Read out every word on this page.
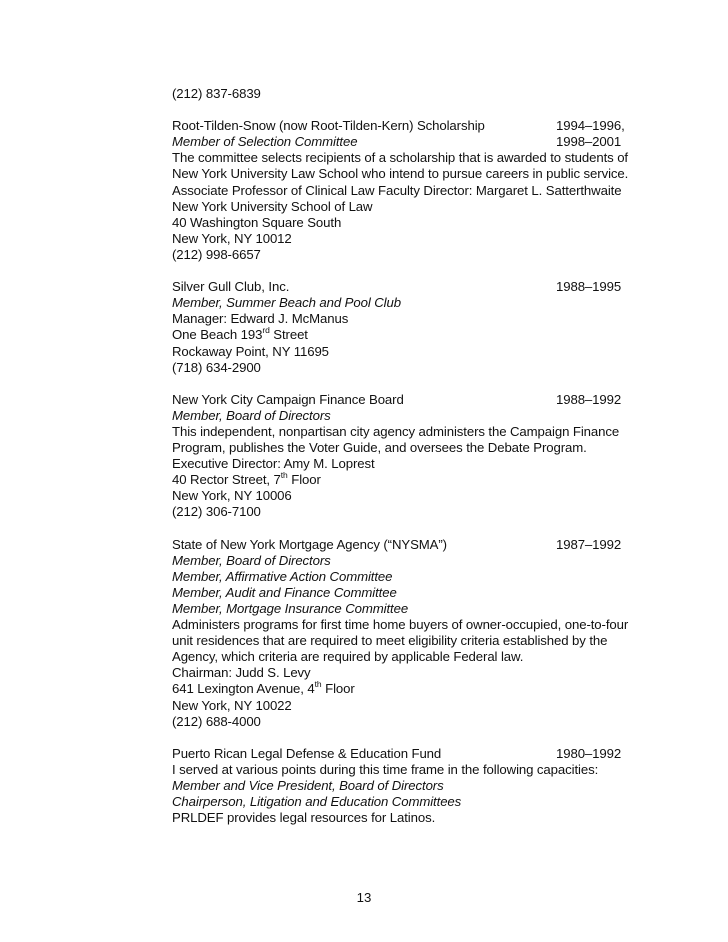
(212) 837-6839
Root-Tilden-Snow (now Root-Tilden-Kern) Scholarship	1994–1996,
Member of Selection Committee	1998–2001
The committee selects recipients of a scholarship that is awarded to students of
New York University Law School who intend to pursue careers in public service.
Associate Professor of Clinical Law Faculty Director: Margaret L. Satterthwaite
New York University School of Law
40 Washington Square South
New York, NY 10012
(212) 998-6657
Silver Gull Club, Inc.	1988–1995
Member, Summer Beach and Pool Club
Manager: Edward J. McManus
One Beach 193rd Street
Rockaway Point, NY 11695
(718) 634-2900
New York City Campaign Finance Board	1988–1992
Member, Board of Directors
This independent, nonpartisan city agency administers the Campaign Finance
Program, publishes the Voter Guide, and oversees the Debate Program.
Executive Director: Amy M. Loprest
40 Rector Street, 7th Floor
New York, NY 10006
(212) 306-7100
State of New York Mortgage Agency (“NYSMA”)	1987–1992
Member, Board of Directors
Member, Affirmative Action Committee
Member, Audit and Finance Committee
Member, Mortgage Insurance Committee
Administers programs for first time home buyers of owner-occupied, one-to-four
unit residences that are required to meet eligibility criteria established by the
Agency, which criteria are required by applicable Federal law.
Chairman: Judd S. Levy
641 Lexington Avenue, 4th Floor
New York, NY 10022
(212) 688-4000
Puerto Rican Legal Defense & Education Fund	1980–1992
I served at various points during this time frame in the following capacities:
Member and Vice President, Board of Directors
Chairperson, Litigation and Education Committees
PRLDEF provides legal resources for Latinos.
13
